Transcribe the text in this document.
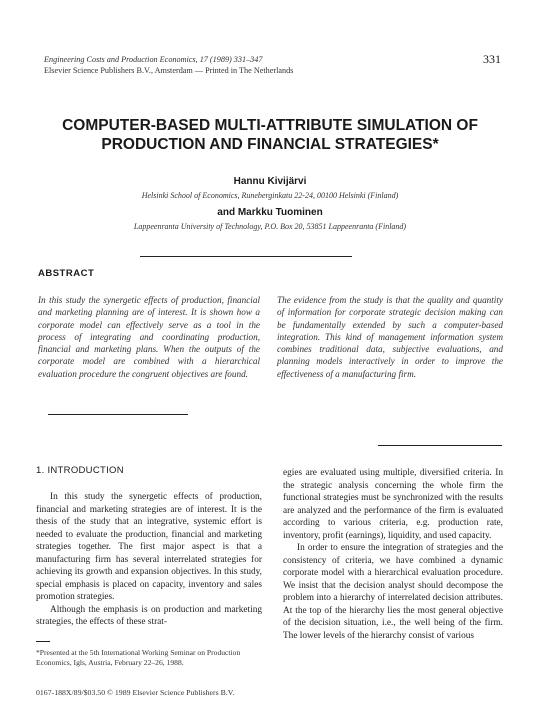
Engineering Costs and Production Economics, 17 (1989) 331–347
Elsevier Science Publishers B.V., Amsterdam — Printed in The Netherlands
331
COMPUTER-BASED MULTI-ATTRIBUTE SIMULATION OF PRODUCTION AND FINANCIAL STRATEGIES*
Hannu Kivijärvi
Helsinki School of Economics, Runeberginkatu 22-24, 00100 Helsinki (Finland)
and Markku Tuominen
Lappeenranta University of Technology, P.O. Box 20, 53851 Lappeenranta (Finland)
ABSTRACT
In this study the synergetic effects of production, financial and marketing planning are of interest. It is shown how a corporate model can effectively serve as a tool in the process of integrating and coordinating production, financial and marketing plans. When the outputs of the corporate model are combined with a hierarchical evaluation procedure the congruent objectives are found.
The evidence from the study is that the quality and quantity of information for corporate strategic decision making can be fundamentally extended by such a computer-based integration. This kind of management information system combines traditional data, subjective evaluations, and planning models interactively in order to improve the effectiveness of a manufacturing firm.
1. INTRODUCTION

In this study the synergetic effects of production, financial and marketing strategies are of interest. It is the thesis of the study that an integrative, systemic effort is needed to evaluate the production, financial and marketing strategies together. The first major aspect is that a manufacturing firm has several interrelated strategies for achieving its growth and expansion objectives. In this study, special emphasis is placed on capacity, inventory and sales promotion strategies.

Although the emphasis is on production and marketing strategies, the effects of these strat-

egies are evaluated using multiple, diversified criteria. In the strategic analysis concerning the whole firm the functional strategies must be synchronized with the results are analyzed and the performance of the firm is evaluated according to various criteria, e.g. production rate, inventory, profit (earnings), liquidity, and used capacity.

In order to ensure the integration of strategies and the consistency of criteria, we have combined a dynamic corporate model with a hierarchical evaluation procedure. We insist that the decision analyst should decompose the problem into a hierarchy of interrelated decision attributes. At the top of the hierarchy lies the most general objective of the decision situation, i.e., the well being of the firm. The lower levels of the hierarchy consist of various

*Presented at the 5th International Working Seminar on Production Economics, Igls, Austria, February 22–26, 1988.
0167-188X/89/$03.50 © 1989 Elsevier Science Publishers B.V.
